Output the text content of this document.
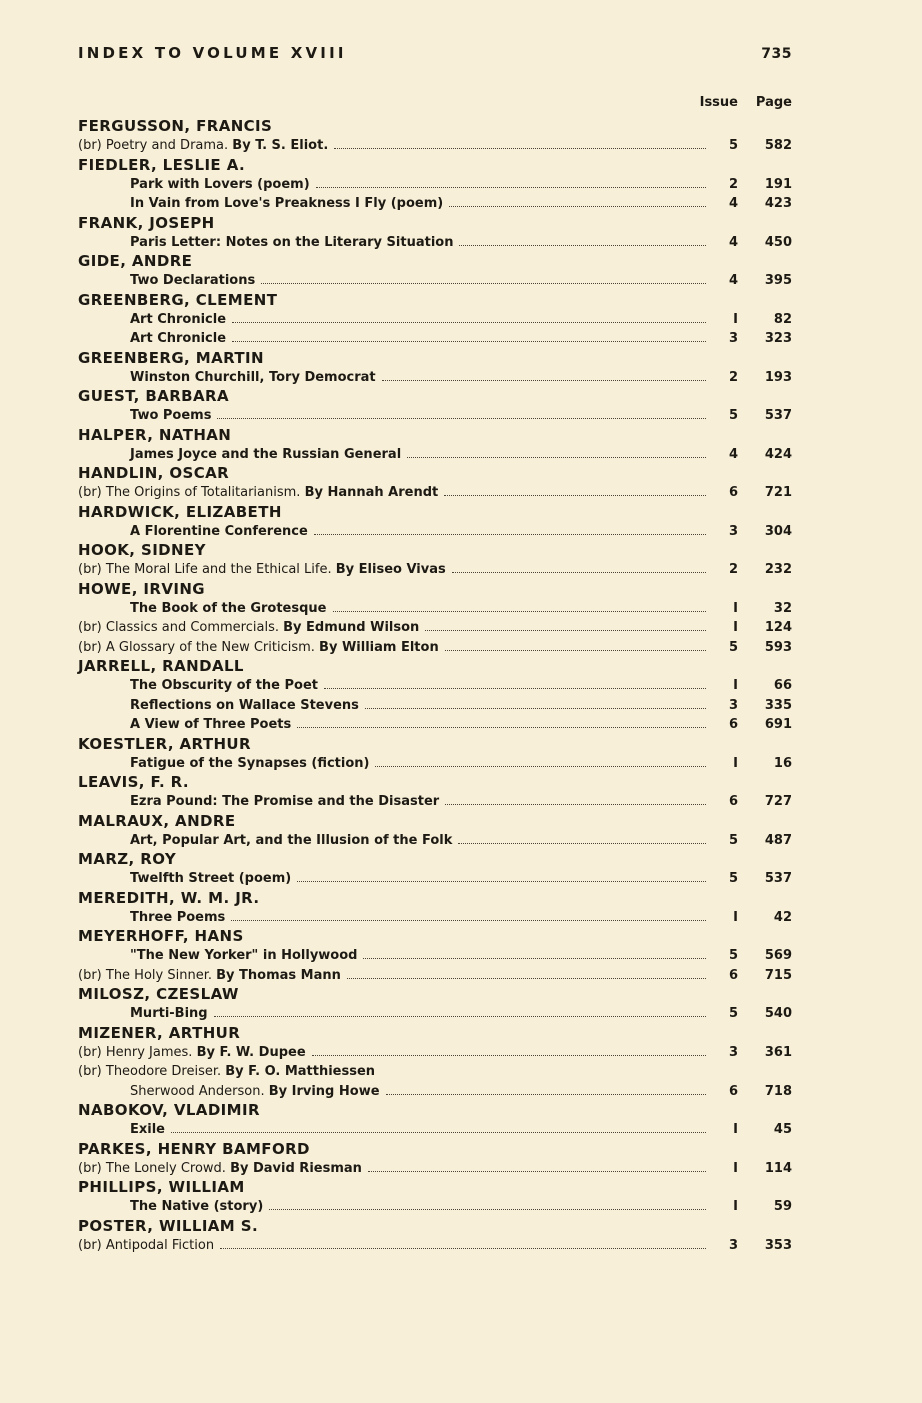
INDEX TO VOLUME XVIII	735
Issue	Page
FERGUSSON, FRANCIS
(br) Poetry and Drama. By T. S. Eliot.	5	582
FIEDLER, LESLIE A.
Park with Lovers (poem)	2	191
In Vain from Love's Preakness I Fly (poem)	4	423
FRANK, JOSEPH
Paris Letter: Notes on the Literary Situation	4	450
GIDE, ANDRE
Two Declarations	4	395
GREENBERG, CLEMENT
Art Chronicle	I	82
Art Chronicle	3	323
GREENBERG, MARTIN
Winston Churchill, Tory Democrat	2	193
GUEST, BARBARA
Two Poems	5	537
HALPER, NATHAN
James Joyce and the Russian General	4	424
HANDLIN, OSCAR
(br) The Origins of Totalitarianism. By Hannah Arendt	6	721
HARDWICK, ELIZABETH
A Florentine Conference	3	304
HOOK, SIDNEY
(br) The Moral Life and the Ethical Life. By Eliseo Vivas	2	232
HOWE, IRVING
The Book of the Grotesque	I	32
(br) Classics and Commercials. By Edmund Wilson	I	124
(br) A Glossary of the New Criticism. By William Elton	5	593
JARRELL, RANDALL
The Obscurity of the Poet	I	66
Reflections on Wallace Stevens	3	335
A View of Three Poets	6	691
KOESTLER, ARTHUR
Fatigue of the Synapses (fiction)	I	16
LEAVIS, F. R.
Ezra Pound: The Promise and the Disaster	6	727
MALRAUX, ANDRE
Art, Popular Art, and the Illusion of the Folk	5	487
MARZ, ROY
Twelfth Street (poem)	5	537
MEREDITH, W. M. JR.
Three Poems	I	42
MEYERHOFF, HANS
"The New Yorker" in Hollywood	5	569
(br) The Holy Sinner. By Thomas Mann	6	715
MILOSZ, CZESLAW
Murti-Bing	5	540
MIZENER, ARTHUR
(br) Henry James. By F. W. Dupee	3	361
(br) Theodore Dreiser. By F. O. Matthiessen
Sherwood Anderson. By Irving Howe	6	718
NABOKOV, VLADIMIR
Exile	I	45
PARKES, HENRY BAMFORD
(br) The Lonely Crowd. By David Riesman	I	114
PHILLIPS, WILLIAM
The Native (story)	I	59
POSTER, WILLIAM S.
(br) Antipodal Fiction	3	353
